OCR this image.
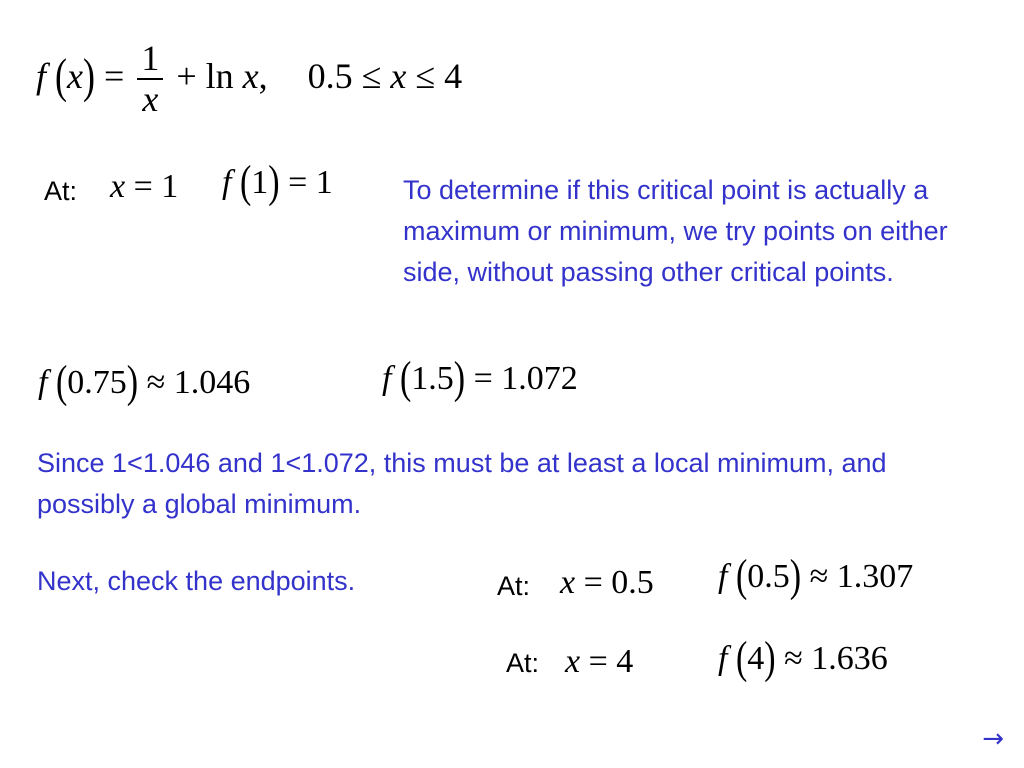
f $(x) = \frac{1}{x} + \ln x$, 0.5 ≤ x ≤ 4
At: x = 1 f (1) = 1	To determine if this critical point is actually a maximum or minimum, we try points on either side, without passing other critical points.
f (0.75) ≈ 1.046	f (1.5) = 1.072
Since 1<1.046 and 1<1.072, this must be at least a local minimum, and possibly a global minimum.
Next, check the endpoints.	At: x = 0.5 f (0.5) ≈ 1.307
At: x = 4 f (4) ≈ 1.636
→
